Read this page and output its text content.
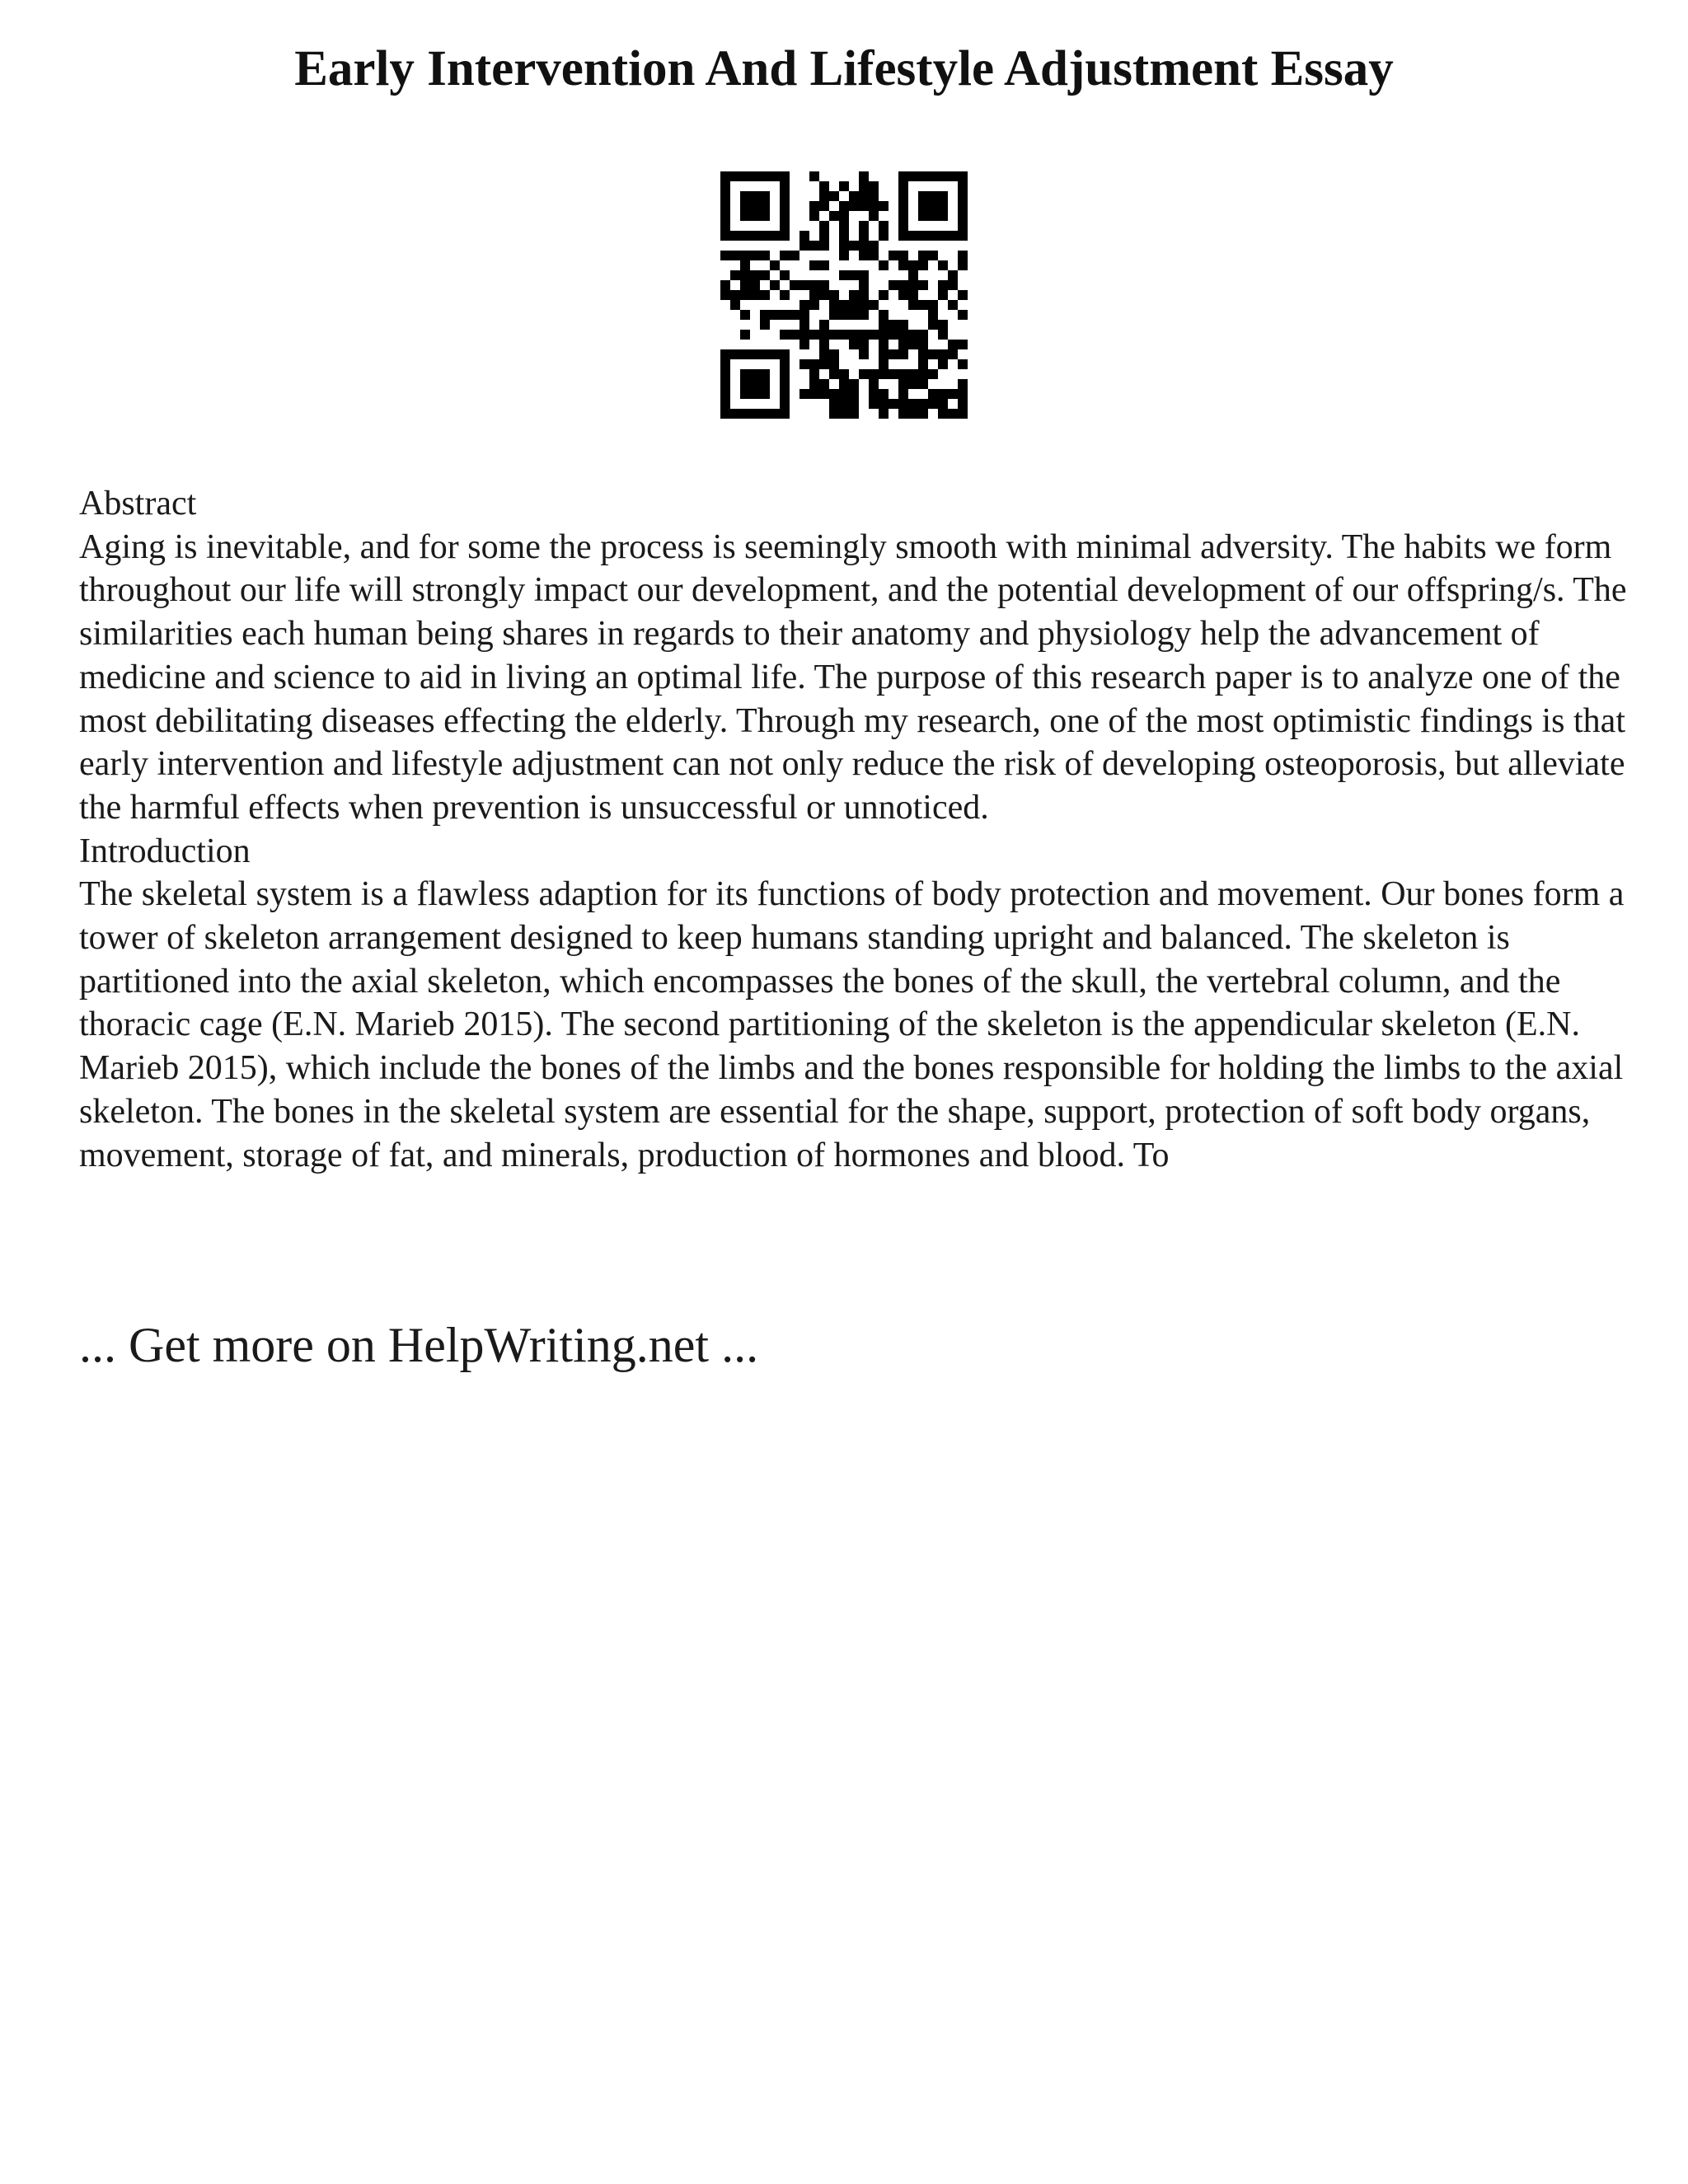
Early Intervention And Lifestyle Adjustment Essay
Abstract

Aging is inevitable, and for some the process is seemingly smooth with minimal adversity. The habits we form throughout our life will strongly impact our development, and the potential development of our offspring/s. The similarities each human being shares in regards to their anatomy and physiology help the advancement of medicine and science to aid in living an optimal life. The purpose of this research paper is to analyze one of the most debilitating diseases effecting the elderly. Through my research, one of the most optimistic findings is that early intervention and lifestyle adjustment can not only reduce the risk of developing osteoporosis, but alleviate the harmful effects when prevention is unsuccessful or unnoticed.

Introduction

The skeletal system is a flawless adaption for its functions of body protection and movement. Our bones form a tower of skeleton arrangement designed to keep humans standing upright and balanced. The skeleton is partitioned into the axial skeleton, which encompasses the bones of the skull, the vertebral column, and the thoracic cage (E.N. Marieb 2015). The second partitioning of the skeleton is the appendicular skeleton (E.N. Marieb 2015), which include the bones of the limbs and the bones responsible for holding the limbs to the axial skeleton. The bones in the skeletal system are essential for the shape, support, protection of soft body organs, movement, storage of fat, and minerals, production of hormones and blood. To

... Get more on HelpWriting.net ...
